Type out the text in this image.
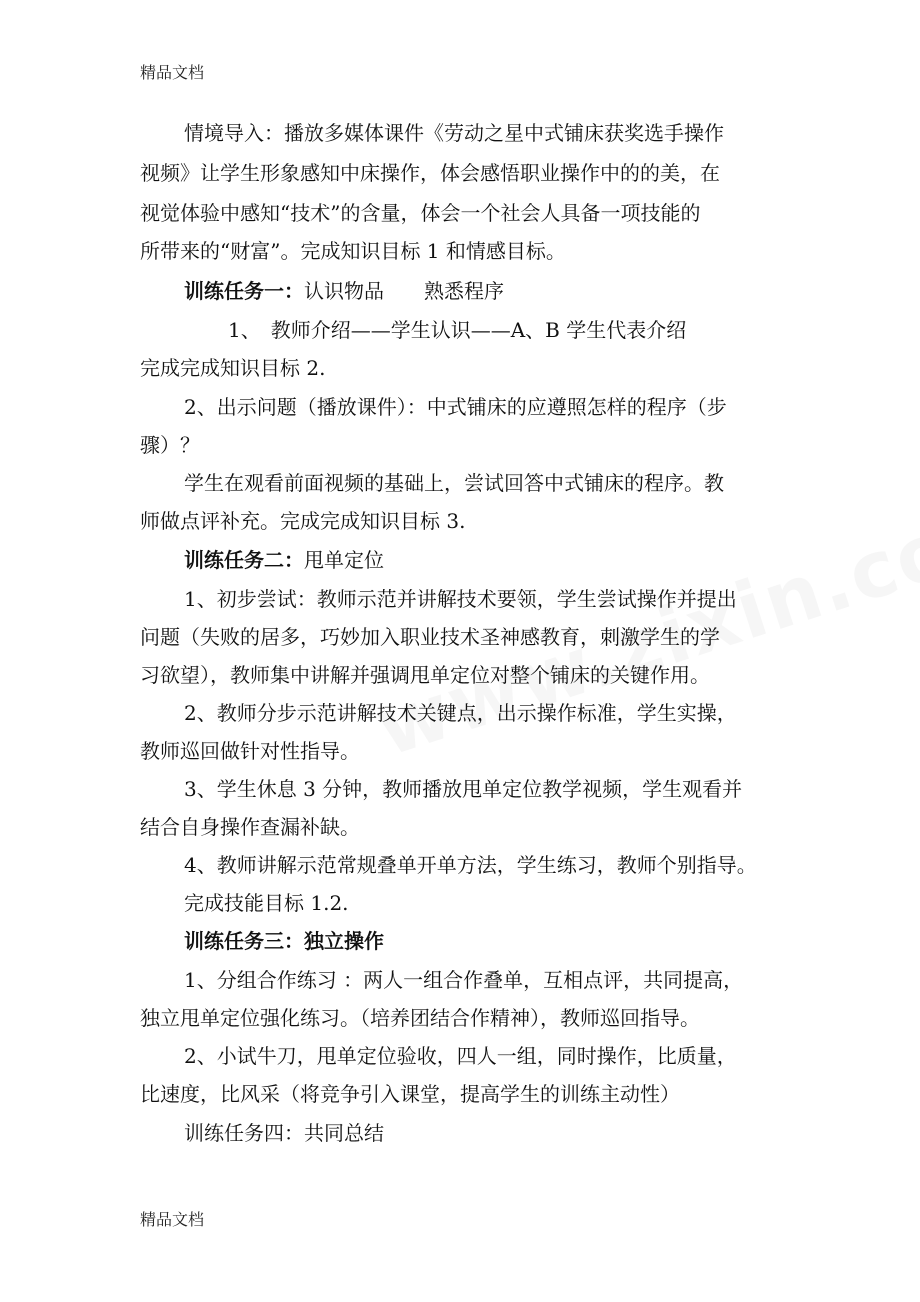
精品文档
情境导入：播放多媒体课件《劳动之星中式铺床获奖选手操作
视频》让学生形象感知中床操作，体会感悟职业操作中的的美，在
视觉体验中感知“技术”的含量，体会一个社会人具备一项技能的
所带来的“财富”。完成知识目标 1 和情感目标。
训练任务一：认识物品　　熟悉程序
1、　教师介绍——学生认识——A、B 学生代表介绍
完成完成知识目标 2.
2、出示问题（播放课件）：中式铺床的应遵照怎样的程序（步
骤）？
学生在观看前面视频的基础上，尝试回答中式铺床的程序。教
师做点评补充。完成完成知识目标 3.
训练任务二：甩单定位
1、初步尝试：教师示范并讲解技术要领，学生尝试操作并提出
问题（失败的居多，巧妙加入职业技术圣神感教育，刺激学生的学
习欲望），教师集中讲解并强调甩单定位对整个铺床的关键作用。
2、教师分步示范讲解技术关键点，出示操作标准，学生实操，
教师巡回做针对性指导。
3、学生休息 3 分钟，教师播放甩单定位教学视频，学生观看并
结合自身操作查漏补缺。
4、教师讲解示范常规叠单开单方法，学生练习，教师个别指导。
完成技能目标 1.2.
训练任务三：独立操作
1、分组合作练习 ：两人一组合作叠单，互相点评，共同提高，
独立甩单定位强化练习。（培养团结合作精神），教师巡回指导。
2、小试牛刀，甩单定位验收，四人一组，同时操作，比质量，
比速度，比风采（将竞争引入课堂，提高学生的训练主动性）
训练任务四：共同总结
精品文档
